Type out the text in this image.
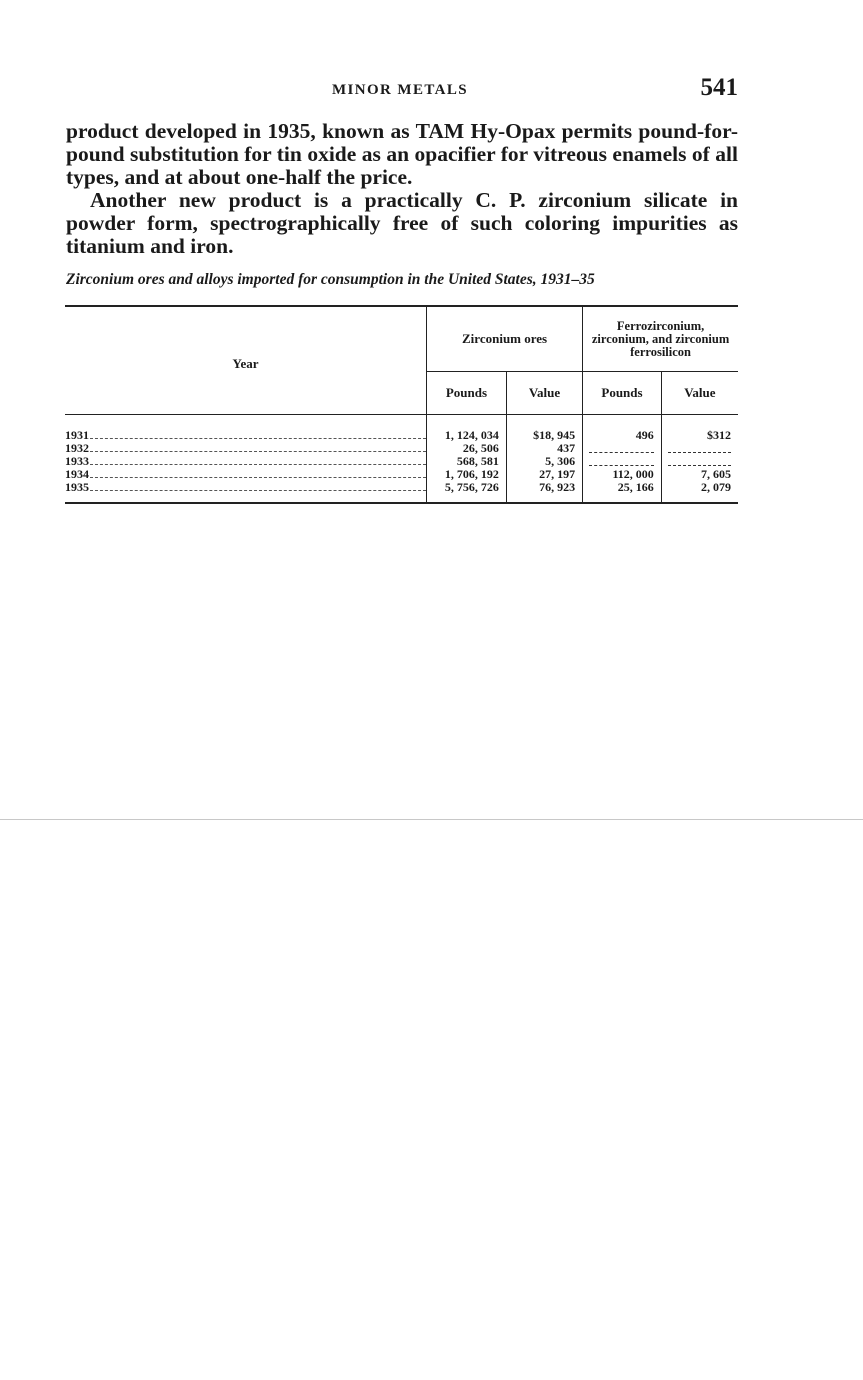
MINOR METALS	541

product developed in 1935, known as TAM Hy-Opax permits pound-for-pound substitution for tin oxide as an opacifier for vitreous enamels of all types, and at about one-half the price.

Another new product is a practically C. P. zirconium silicate in powder form, spectrographically free of such coloring impurities as titanium and iron.

Zirconium ores and alloys imported for consumption in the United States, 1931–35
Year	Zirconium ores		Ferrozirconium, zirconium, and zirconium ferrosilicon	

	Pounds	Value	Pounds	Value
1931	1, 124, 034	$18, 945	496	$312
1932	26, 506	437	

1933	568, 581	5, 306	

1934	1, 706, 192	27, 197	112, 000	7, 605
1935	5, 756, 726	76, 923	25, 166	2, 079
